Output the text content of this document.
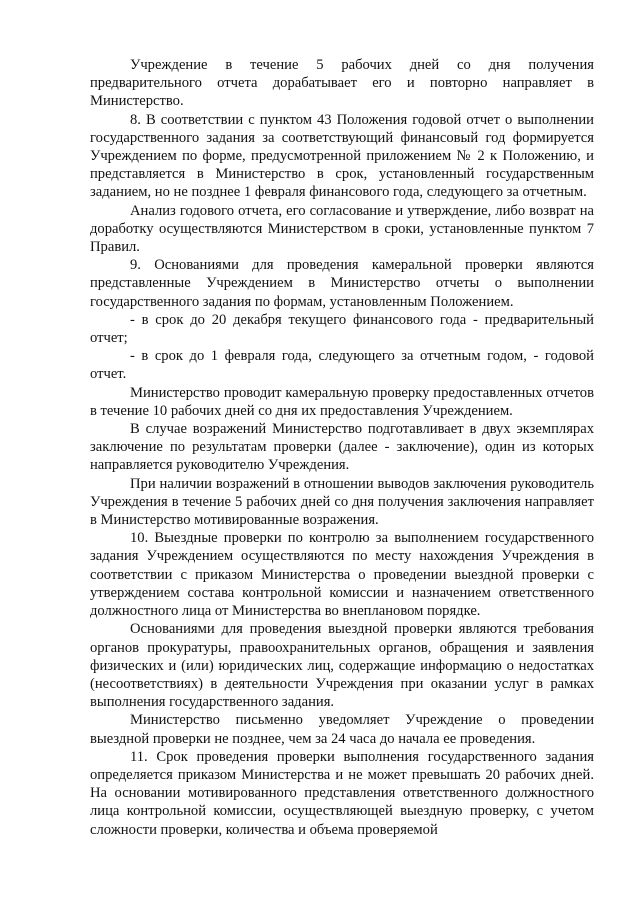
Учреждение в течение 5 рабочих дней со дня получения предварительного отчета дорабатывает его и повторно направляет в Министерство.

8. В соответствии с пунктом 43 Положения годовой отчет о выполнении государственного задания за соответствующий финансовый год формируется Учреждением по форме, предусмотренной приложением № 2 к Положению, и представляется в Министерство в срок, установленный государственным заданием, но не позднее 1 февраля финансового года, следующего за отчетным.

Анализ годового отчета, его согласование и утверждение, либо возврат на доработку осуществляются Министерством в сроки, установленные пунктом 7 Правил.

9. Основаниями для проведения камеральной проверки являются представленные Учреждением в Министерство отчеты о выполнении государственного задания по формам, установленным Положением.

- в срок до 20 декабря текущего финансового года - предварительный отчет;

- в срок до 1 февраля года, следующего за отчетным годом, - годовой отчет.

Министерство проводит камеральную проверку предоставленных отчетов в течение 10 рабочих дней со дня их предоставления Учреждением.

В случае возражений Министерство подготавливает в двух экземплярах заключение по результатам проверки (далее - заключение), один из которых направляется руководителю Учреждения.

При наличии возражений в отношении выводов заключения руководитель Учреждения в течение 5 рабочих дней со дня получения заключения направляет в Министерство мотивированные возражения.

10. Выездные проверки по контролю за выполнением государственного задания Учреждением осуществляются по месту нахождения Учреждения в соответствии с приказом Министерства о проведении выездной проверки с утверждением состава контрольной комиссии и назначением ответственного должностного лица от Министерства во внеплановом порядке.

Основаниями для проведения выездной проверки являются требования органов прокуратуры, правоохранительных органов, обращения и заявления физических и (или) юридических лиц, содержащие информацию о недостатках (несоответствиях) в деятельности Учреждения при оказании услуг в рамках выполнения государственного задания.

Министерство письменно уведомляет Учреждение о проведении выездной проверки не позднее, чем за 24 часа до начала ее проведения.

11. Срок проведения проверки выполнения государственного задания определяется приказом Министерства и не может превышать 20 рабочих дней. На основании мотивированного представления ответственного должностного лица контрольной комиссии, осуществляющей выездную проверку, с учетом сложности проверки, количества и объема проверяемой
